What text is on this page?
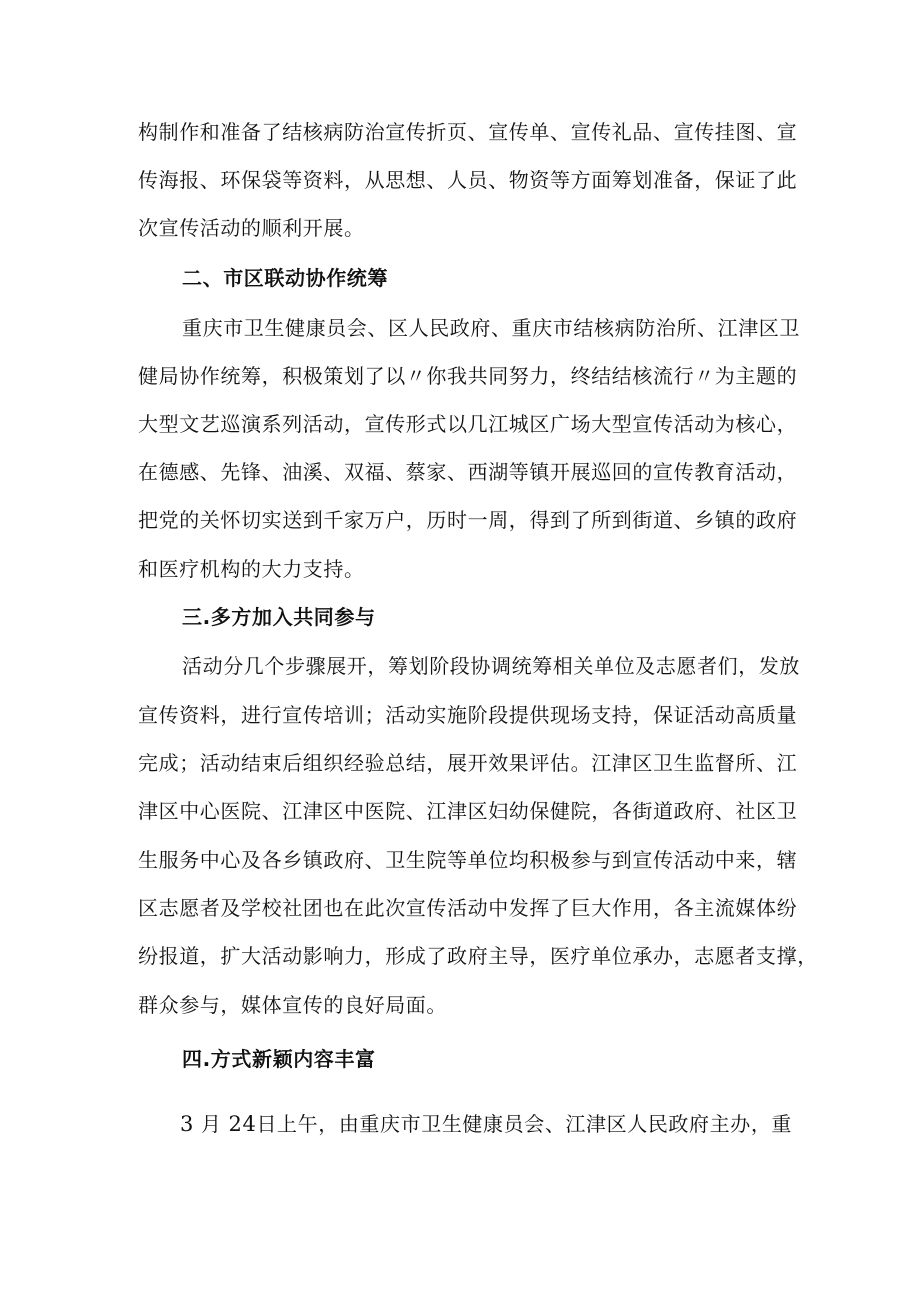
构制作和准备了结核病防治宣传折页、宣传单、宣传礼品、宣传挂图、宣
传海报、环保袋等资料，从思想、人员、物资等方面筹划准备，保证了此
次宣传活动的顺利开展。
二、市区联动协作统筹
重庆市卫生健康员会、区人民政府、重庆市结核病防治所、江津区卫
健局协作统筹，积极策划了以〃你我共同努力，终结结核流行〃为主题的
大型文艺巡演系列活动，宣传形式以几江城区广场大型宣传活动为核心，
在德感、先锋、油溪、双福、蔡家、西湖等镇开展巡回的宣传教育活动，
把党的关怀切实送到千家万户，历时一周，得到了所到街道、乡镇的政府
和医疗机构的大力支持。
三.多方加入共同参与
活动分几个步骤展开，筹划阶段协调统筹相关单位及志愿者们，发放
宣传资料，进行宣传培训；活动实施阶段提供现场支持，保证活动高质量
完成；活动结束后组织经验总结，展开效果评估。江津区卫生监督所、江
津区中心医院、江津区中医院、江津区妇幼保健院，各街道政府、社区卫
生服务中心及各乡镇政府、卫生院等单位均积极参与到宣传活动中来，辖
区志愿者及学校社团也在此次宣传活动中发挥了巨大作用，各主流媒体纷
纷报道，扩大活动影响力，形成了政府主导，医疗单位承办，志愿者支撑，
群众参与，媒体宣传的良好局面。
四.方式新颖内容丰富
3 月 24日上午，由重庆市卫生健康员会、江津区人民政府主办，重
